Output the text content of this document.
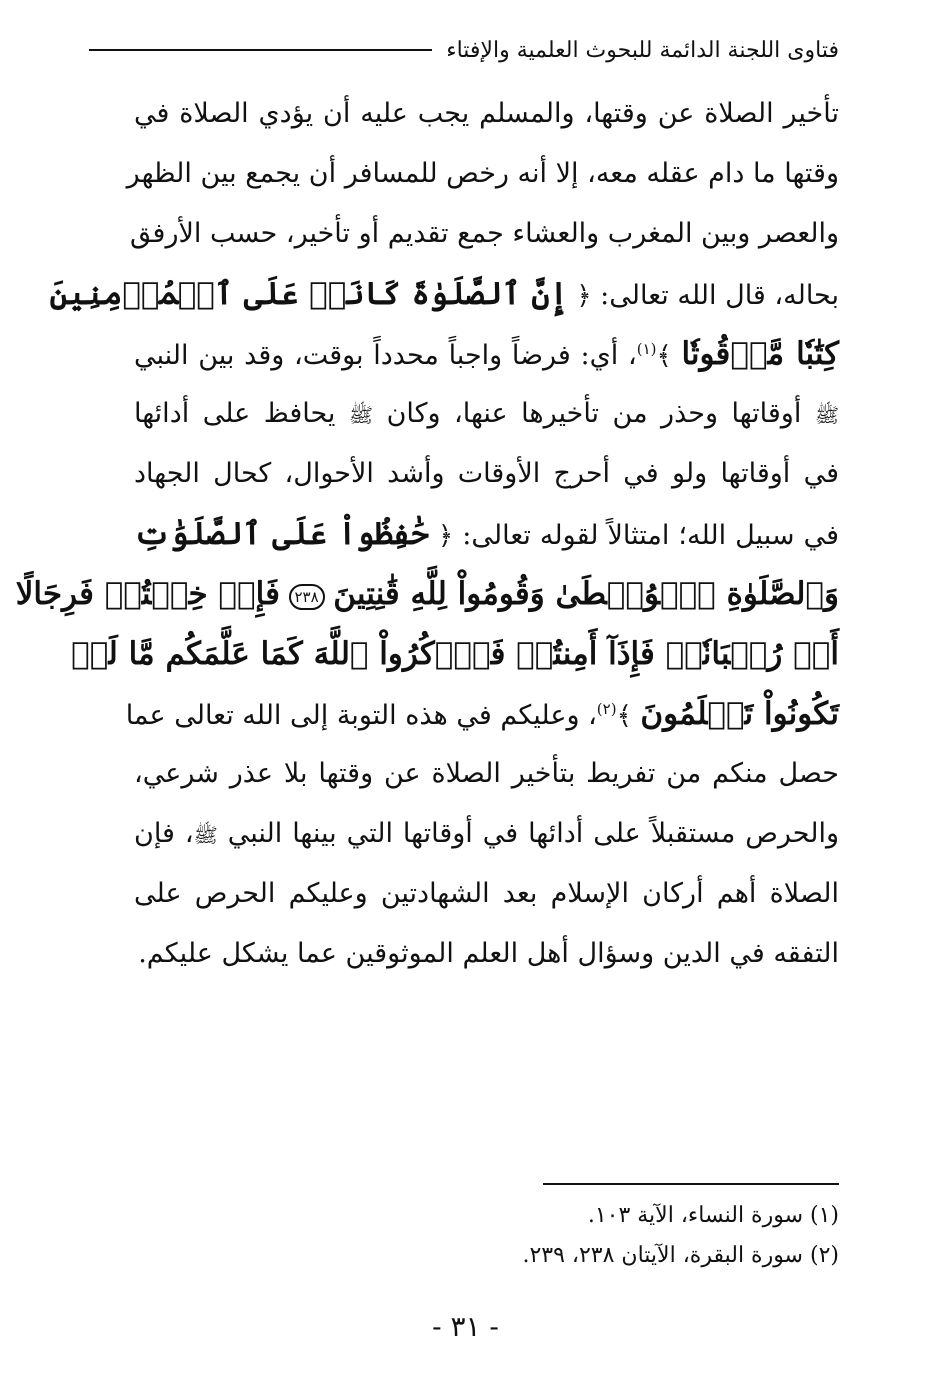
فتاوى اللجنة الدائمة للبحوث العلمية والإفتاء
تأخير الصلاة عن وقتها، والمسلم يجب عليه أن يؤدي الصلاة في
وقتها ما دام عقله معه، إلا أنه رخص للمسافر أن يجمع بين الظهر
والعصر وبين المغرب والعشاء جمع تقديم أو تأخير، حسب الأرفق
بحاله، قال الله تعالى: ﴿ إِنَّ ٱلصَّلَوٰةَ كَانَتۡ عَلَى ٱلۡمُؤۡمِنِينَ
كِتَٰبٗا مَّوۡقُوتٗا ﴾$^{(١)}$، أي: فرضاً واجباً محدداً بوقت، وقد بين النبي
ﷺ أوقاتها وحذر من تأخيرها عنها، وكان ﷺ يحافظ على أدائها
في أوقاتها ولو في أحرج الأوقات وأشد الأحوال، كحال الجهاد
في سبيل الله؛ امتثالاً لقوله تعالى: ﴿ حَٰفِظُواْ عَلَى ٱلصَّلَوَٰتِ
وَٱلصَّلَوٰةِ ٱلۡوُسۡطَىٰ وَقُومُواْ لِلَّهِ قَٰنِتِينَ ٢٣٨ فَإِنۡ خِفۡتُمۡ فَرِجَالًا
أَوۡ رُكۡبَانٗاۖ فَإِذَآ أَمِنتُمۡ فَٱذۡكُرُواْ ٱللَّهَ كَمَا عَلَّمَكُم مَّا لَمۡ
تَكُونُواْ تَعۡلَمُونَ ﴾$^{(٢)}$، وعليكم في هذه التوبة إلى الله تعالى عما
حصل منكم من تفريط بتأخير الصلاة عن وقتها بلا عذر شرعي،
والحرص مستقبلاً على أدائها في أوقاتها التي بينها النبي ﷺ، فإن
الصلاة أهم أركان الإسلام بعد الشهادتين وعليكم الحرص على
التفقه في الدين وسؤال أهل العلم الموثوقين عما يشكل عليكم.
(١) سورة النساء، الآية ١٠٣.
(٢) سورة البقرة، الآيتان ٢٣٨، ٢٣٩.
- ٣١ -
